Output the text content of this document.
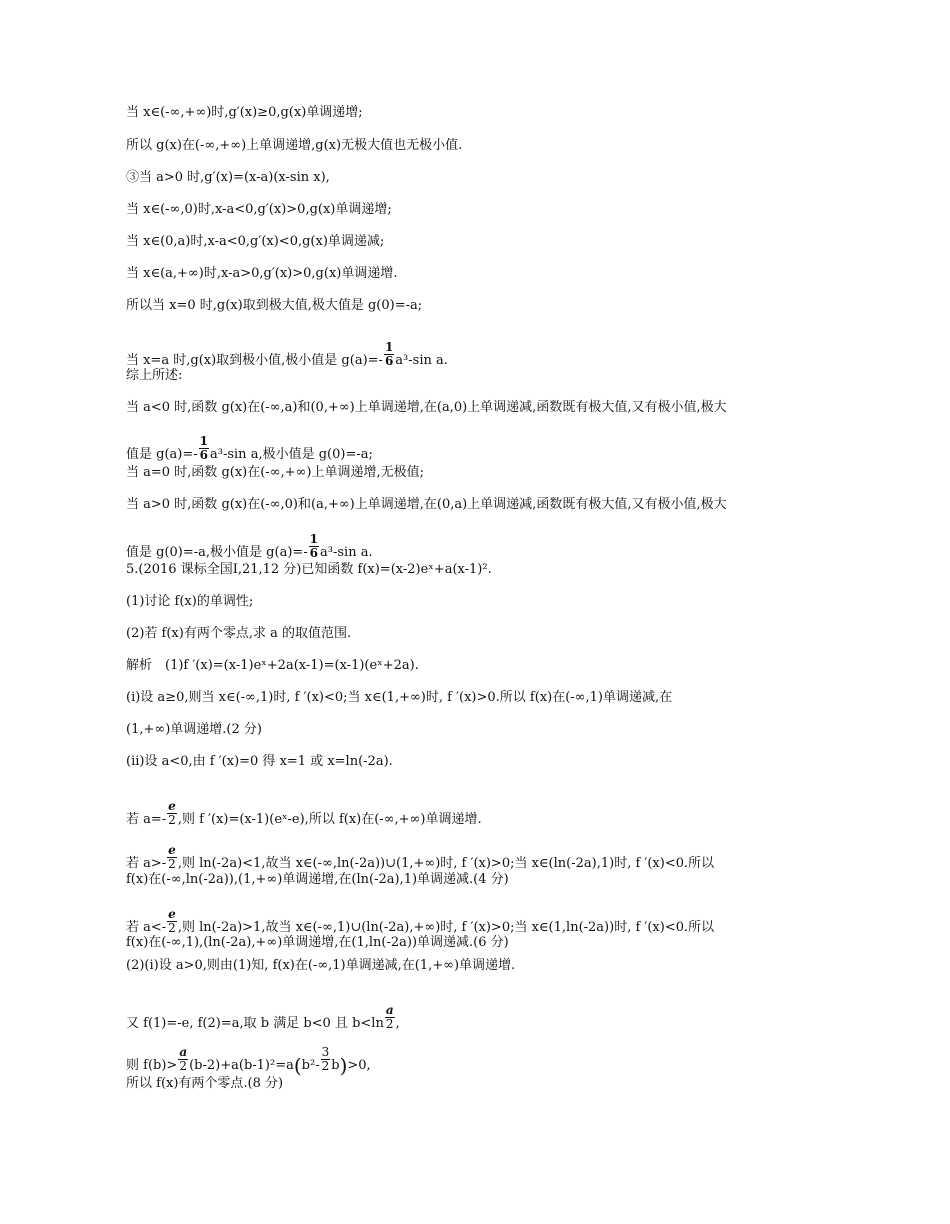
当 x∈(-∞,+∞)时,g′(x)≥0,g(x)单调递增;
所以 g(x)在(-∞,+∞)上单调递增,g(x)无极大值也无极小值.
③当 a>0 时,g′(x)=(x-a)(x-sin x),
当 x∈(-∞,0)时,x-a<0,g′(x)>0,g(x)单调递增;
当 x∈(0,a)时,x-a<0,g′(x)<0,g(x)单调递减;
当 x∈(a,+∞)时,x-a>0,g′(x)>0,g(x)单调递增.
所以当 x=0 时,g(x)取到极大值,极大值是 g(0)=-a;
当 x=a 时,g(x)取到极小值,极小值是 $g(a)=- \frac{1}{6} a^3-\sin$ a.
综上所述:
当 a<0 时,函数 g(x)在(-∞,a)和(0,+∞)上单调递增,在(a,0)上单调递减,函数既有极大值,又有极小值,极大
值是 $g(a)=- \frac{1}{6} a^3-\sin$ a,极小值是 g(0)=-a;
当 a=0 时,函数 g(x)在(-∞,+∞)上单调递增,无极值;
当 a>0 时,函数 g(x)在(-∞,0)和(a,+∞)上单调递增,在(0,a)上单调递减,函数既有极大值,又有极小值,极大
值是 g(0)=-a,极小值是 $g(a)=- \frac{1}{6} a^3-\sin$ a.
5.(2016 课标全国Ⅰ,21,12 分)已知函数 f(x)=(x-2)eˣ+a(x-1)².
(1)讨论 f(x)的单调性;
(2)若 f(x)有两个零点,求 a 的取值范围.
解析　(1)f ′(x)=(x-1)eˣ+2a(x-1)=(x-1)(eˣ+2a).
(i)设 a≥0,则当 x∈(-∞,1)时, f ′(x)<0;当 x∈(1,+∞)时, f ′(x)>0.所以 f(x)在(-∞,1)单调递减,在
(1,+∞)单调递增.(2 分)
(ii)设 a<0,由 f ′(x)=0 得 x=1 或 x=ln(-2a).
若 $a=- \frac{e}{2}$ ,则 f ′(x)=(x-1)(eˣ-e),所以 f(x)在(-∞,+∞)单调递增.
若 $a>- \frac{e}{2}$ ,则 ln(-2a)<1,故当 x∈(-∞,ln(-2a))∪(1,+∞)时, f ′(x)>0;当 x∈(ln(-2a),1)时, f ′(x)<0.所以
f(x)在(-∞,ln(-2a)),(1,+∞)单调递增,在(ln(-2a),1)单调递减.(4 分)
若 $a<- \frac{e}{2}$ ,则 ln(-2a)>1,故当 x∈(-∞,1)∪(ln(-2a),+∞)时, f ′(x)>0;当 x∈(1,ln(-2a))时, f ′(x)<0.所以
f(x)在(-∞,1),(ln(-2a),+∞)单调递增,在(1,ln(-2a))单调递减.(6 分)
(2)(i)设 a>0,则由(1)知, f(x)在(-∞,1)单调递减,在(1,+∞)单调递增.
又 f(1)=-e, f(2)=a,取 b 满足 b<0 且 $b<\ln \frac{a}{2}$ ,
则 $f(b)> \frac{a}{2} (b-2)+a(b-1)^2=a(b^2- \frac{3}{2} b)>0$,
所以 f(x)有两个零点.(8 分)
